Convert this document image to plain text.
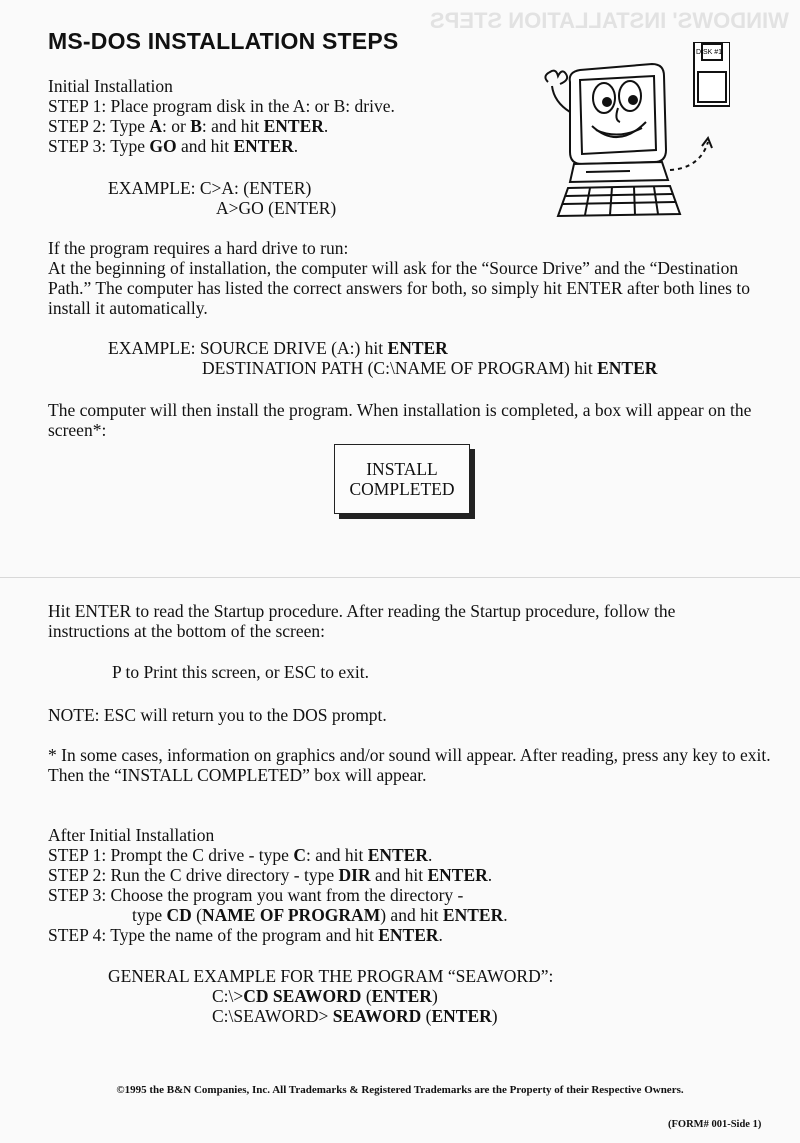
WINDOWS' INSTALLATION STEPS
MS-DOS INSTALLATION STEPS	DISK #1
Initial Installation
STEP 1: Place program disk in the A: or B: drive.
STEP 2: Type A: or B: and hit ENTER.
STEP 3: Type GO and hit ENTER.
EXAMPLE: C>A: (ENTER)
A>GO (ENTER)
If the program requires a hard drive to run:
At the beginning of installation, the computer will ask for the “Source Drive” and the “Destination Path.” The computer has listed the correct answers for both, so simply hit ENTER after both lines to install it automatically.
EXAMPLE: SOURCE DRIVE (A:) hit ENTER
DESTINATION PATH (C:\NAME OF PROGRAM) hit ENTER
The computer will then install the program. When installation is completed, a box will appear on the screen*:
INSTALL
COMPLETED
Hit ENTER to read the Startup procedure. After reading the Startup procedure, follow the instructions at the bottom of the screen:
P to Print this screen, or ESC to exit.
NOTE: ESC will return you to the DOS prompt.
* In some cases, information on graphics and/or sound will appear. After reading, press any key to exit. Then the “INSTALL COMPLETED” box will appear.
After Initial Installation
STEP 1: Prompt the C drive - type C: and hit ENTER.
STEP 2: Run the C drive directory - type DIR and hit ENTER.
STEP 3: Choose the program you want from the directory -
type CD (NAME OF PROGRAM) and hit ENTER.
STEP 4: Type the name of the program and hit ENTER.
GENERAL EXAMPLE FOR THE PROGRAM “SEAWORD”:
C:\>CD SEAWORD (ENTER)
C:\SEAWORD> SEAWORD (ENTER)
©1995 the B&N Companies, Inc. All Trademarks & Registered Trademarks are the Property of their Respective Owners.
(FORM# 001-Side 1)
